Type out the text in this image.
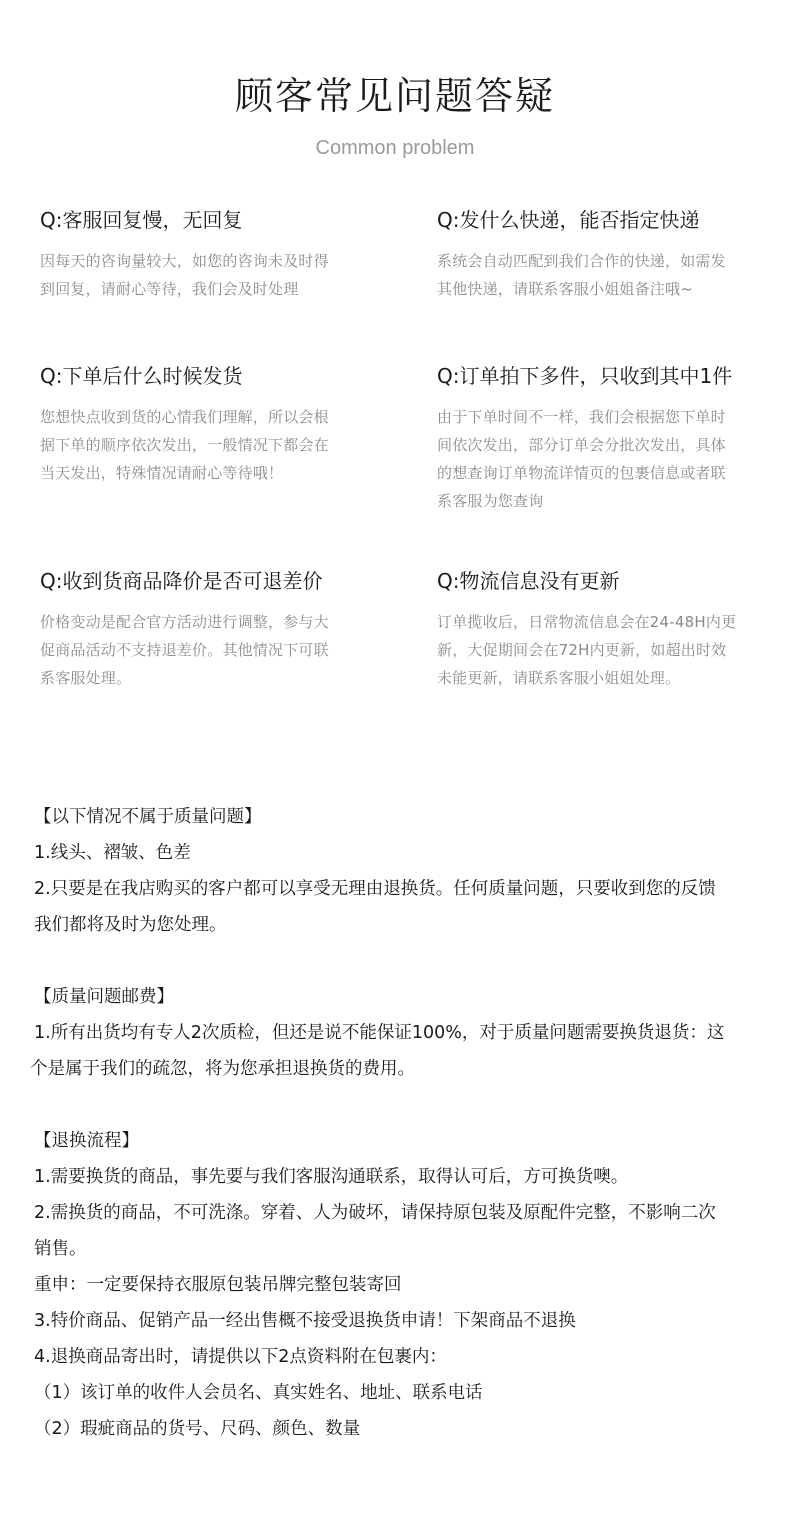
顾客常见问题答疑
Common problem
Q:客服回复慢，无回复
因每天的咨询量较大，如您的咨询未及时得到回复，请耐心等待，我们会及时处理
Q:发什么快递，能否指定快递
系统会自动匹配到我们合作的快递，如需发其他快递，请联系客服小姐姐备注哦~
Q:下单后什么时候发货
您想快点收到货的心情我们理解，所以会根据下单的顺序依次发出，一般情况下都会在当天发出，特殊情况请耐心等待哦！
Q:订单拍下多件，只收到其中1件
由于下单时间不一样，我们会根据您下单时间依次发出，部分订单会分批次发出，具体的想查询订单物流详情页的包裹信息或者联系客服为您查询
Q:收到货商品降价是否可退差价
价格变动是配合官方活动进行调整，参与大促商品活动不支持退差价。其他情况下可联系客服处理。
Q:物流信息没有更新
订单揽收后，日常物流信息会在24-48H内更新，大促期间会在72H内更新，如超出时效未能更新，请联系客服小姐姐处理。
【以下情况不属于质量问题】
1.线头、褶皱、色差
2.只要是在我店购买的客户都可以享受无理由退换货。任何质量问题，只要收到您的反馈
我们都将及时为您处理。
【质量问题邮费】
1.所有出货均有专人2次质检，但还是说不能保证100%，对于质量问题需要换货退货：这
个是属于我们的疏忽，将为您承担退换货的费用。
【退换流程】
1.需要换货的商品，事先要与我们客服沟通联系，取得认可后，方可换货噢。
2.需换货的商品，不可洗涤。穿着、人为破坏，请保持原包装及原配件完整，不影响二次
销售。
重申：一定要保持衣服原包装吊牌完整包装寄回
3.特价商品、促销产品一经出售概不接受退换货申请！下架商品不退换
4.退换商品寄出时，请提供以下2点资料附在包裹内：
（1）该订单的收件人会员名、真实姓名、地址、联系电话
（2）瑕疵商品的货号、尺码、颜色、数量
